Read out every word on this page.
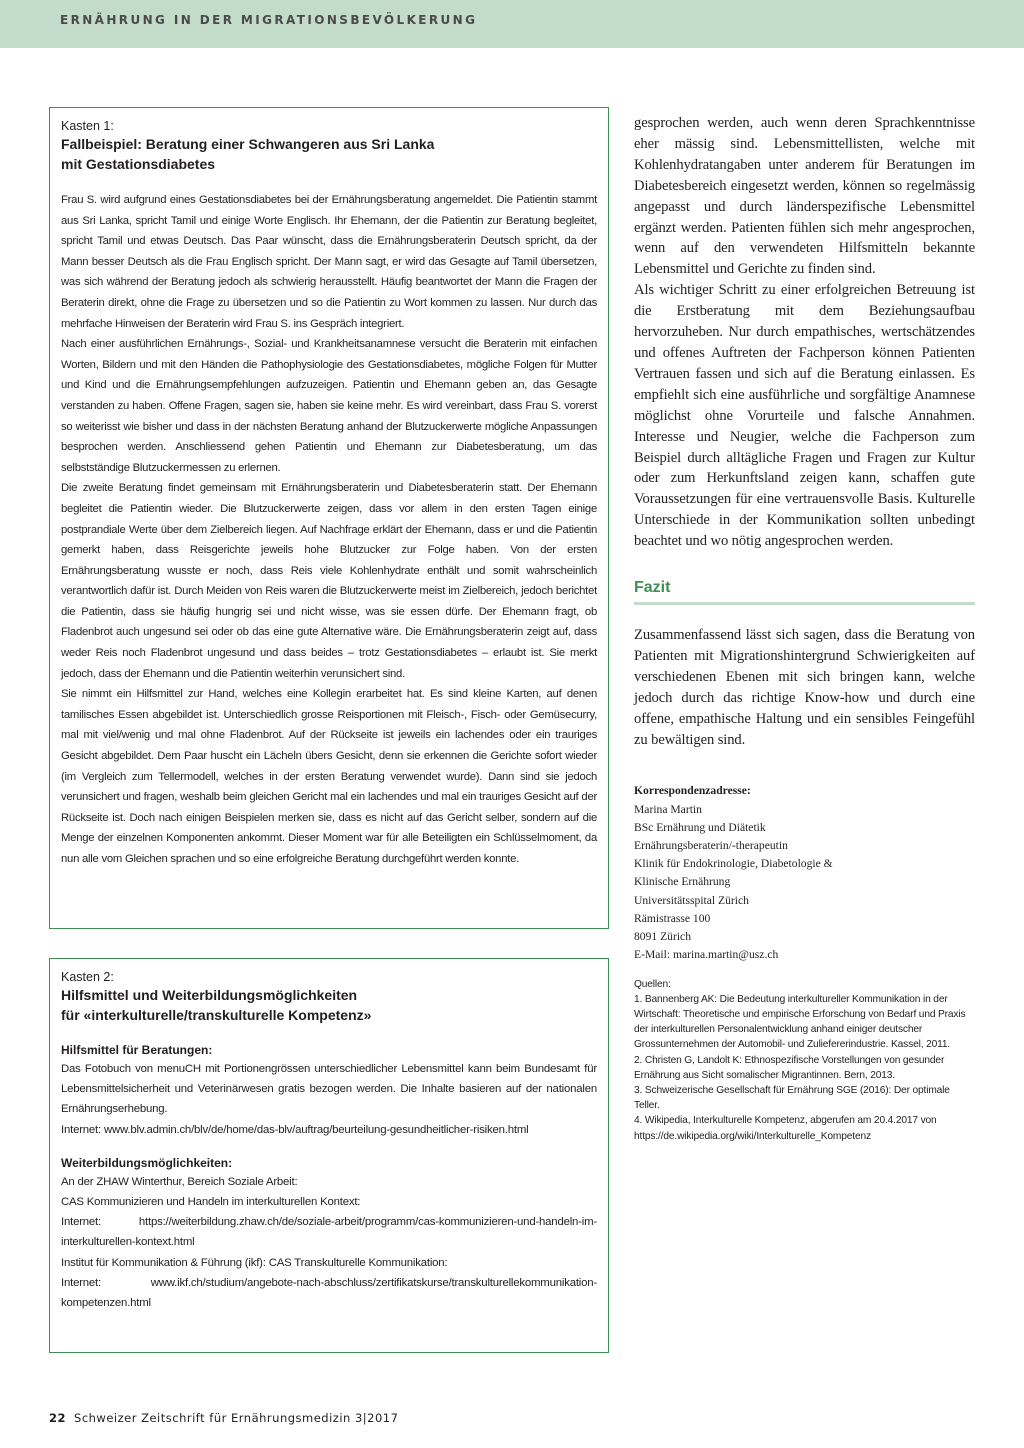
ERNÄHRUNG IN DER MIGRATIONSBEVÖLKERUNG
Kasten 1:
Fallbeispiel: Beratung einer Schwangeren aus Sri Lanka
mit Gestationsdiabetes

Frau S. wird aufgrund eines Gestationsdiabetes bei der Ernährungsberatung angemeldet. Die Patientin stammt aus Sri Lanka, spricht Tamil und einige Worte Englisch. Ihr Ehemann, der die Patientin zur Beratung begleitet, spricht Tamil und etwas Deutsch. Das Paar wünscht, dass die Ernährungsberaterin Deutsch spricht, da der Mann besser Deutsch als die Frau Englisch spricht. Der Mann sagt, er wird das Gesagte auf Tamil übersetzen, was sich während der Beratung jedoch als schwierig herausstellt. Häufig beantwortet der Mann die Fragen der Beraterin direkt, ohne die Frage zu übersetzen und so die Patientin zu Wort kommen zu lassen. Nur durch das mehrfache Hinweisen der Beraterin wird Frau S. ins Gespräch integriert.

Nach einer ausführlichen Ernährungs-, Sozial- und Krankheitsanamnese versucht die Beraterin mit einfachen Worten, Bildern und mit den Händen die Pathophysiologie des Gestationsdiabetes, mögliche Folgen für Mutter und Kind und die Ernährungsempfehlungen aufzuzeigen. Patientin und Ehemann geben an, das Gesagte verstanden zu haben. Offene Fragen, sagen sie, haben sie keine mehr. Es wird vereinbart, dass Frau S. vorerst so weiterisst wie bisher und dass in der nächsten Beratung anhand der Blutzuckerwerte mögliche Anpassungen besprochen werden. Anschliessend gehen Patientin und Ehemann zur Diabetesberatung, um das selbstständige Blutzuckermessen zu erlernen.

Die zweite Beratung findet gemeinsam mit Ernährungsberaterin und Diabetesberaterin statt. Der Ehemann begleitet die Patientin wieder. Die Blutzuckerwerte zeigen, dass vor allem in den ersten Tagen einige postprandiale Werte über dem Zielbereich liegen. Auf Nachfrage erklärt der Ehemann, dass er und die Patientin gemerkt haben, dass Reisgerichte jeweils hohe Blutzucker zur Folge haben. Von der ersten Ernährungsberatung wusste er noch, dass Reis viele Kohlenhydrate enthält und somit wahrscheinlich verantwortlich dafür ist. Durch Meiden von Reis waren die Blutzuckerwerte meist im Zielbereich, jedoch berichtet die Patientin, dass sie häufig hungrig sei und nicht wisse, was sie essen dürfe. Der Ehemann fragt, ob Fladenbrot auch ungesund sei oder ob das eine gute Alternative wäre. Die Ernährungsberaterin zeigt auf, dass weder Reis noch Fladenbrot ungesund und dass beides – trotz Gestationsdiabetes – erlaubt ist. Sie merkt jedoch, dass der Ehemann und die Patientin weiterhin verunsichert sind.

Sie nimmt ein Hilfsmittel zur Hand, welches eine Kollegin erarbeitet hat. Es sind kleine Karten, auf denen tamilisches Essen abgebildet ist. Unterschiedlich grosse Reisportionen mit Fleisch-, Fisch- oder Gemüsecurry, mal mit viel/wenig und mal ohne Fladenbrot. Auf der Rückseite ist jeweils ein lachendes oder ein trauriges Gesicht abgebildet. Dem Paar huscht ein Lächeln übers Gesicht, denn sie erkennen die Gerichte sofort wieder (im Vergleich zum Tellermodell, welches in der ersten Beratung verwendet wurde). Dann sind sie jedoch verunsichert und fragen, weshalb beim gleichen Gericht mal ein lachendes und mal ein trauriges Gesicht auf der Rückseite ist. Doch nach einigen Beispielen merken sie, dass es nicht auf das Gericht selber, sondern auf die Menge der einzelnen Komponenten ankommt. Dieser Moment war für alle Beteiligten ein Schlüsselmoment, da nun alle vom Gleichen sprachen und so eine erfolgreiche Beratung durchgeführt werden konnte.

Kasten 2:
Hilfsmittel und Weiterbildungsmöglichkeiten
für «interkulturelle/transkulturelle Kompetenz»
Hilfsmittel für Beratungen:

Das Fotobuch von menuCH mit Portionengrössen unterschiedlicher Lebensmittel kann beim Bundesamt für Lebensmittelsicherheit und Veterinärwesen gratis bezogen werden. Die Inhalte basieren auf der nationalen Ernährungserhebung.

Internet: www.blv.admin.ch/blv/de/home/das-blv/auftrag/beurteilung-gesundheitlicher-risiken.html

Weiterbildungsmöglichkeiten:

An der ZHAW Winterthur, Bereich Soziale Arbeit:

CAS Kommunizieren und Handeln im interkulturellen Kontext:

Internet: https://weiterbildung.zhaw.ch/de/soziale-arbeit/programm/cas-kommunizieren-und-handeln-im-interkulturellen-kontext.html

Institut für Kommunikation & Führung (ikf): CAS Transkulturelle Kommunikation:

Internet: www.ikf.ch/studium/angebote-nach-abschluss/zertifikatskurse/transkulturellekommunikation-kompetenzen.html

gesprochen werden, auch wenn deren Sprachkenntnisse eher mässig sind. Lebensmittellisten, welche mit Kohlenhydratangaben unter anderem für Beratungen im Diabetesbereich eingesetzt werden, können so regelmässig angepasst und durch länderspezifische Lebensmittel ergänzt werden. Patienten fühlen sich mehr angesprochen, wenn auf den verwendeten Hilfsmitteln bekannte Lebensmittel und Gerichte zu finden sind.

Als wichtiger Schritt zu einer erfolgreichen Betreuung ist die Erstberatung mit dem Beziehungsaufbau hervorzuheben. Nur durch empathisches, wertschätzendes und offenes Auftreten der Fachperson können Patienten Vertrauen fassen und sich auf die Beratung einlassen. Es empfiehlt sich eine ausführliche und sorgfältige Anamnese möglichst ohne Vorurteile und falsche Annahmen. Interesse und Neugier, welche die Fachperson zum Beispiel durch alltägliche Fragen und Fragen zur Kultur oder zum Herkunftsland zeigen kann, schaffen gute Voraussetzungen für eine vertrauensvolle Basis. Kulturelle Unterschiede in der Kommunikation sollten unbedingt beachtet und wo nötig angesprochen werden.

Fazit

Zusammenfassend lässt sich sagen, dass die Beratung von Patienten mit Migrationshintergrund Schwierigkeiten auf verschiedenen Ebenen mit sich bringen kann, welche jedoch durch das richtige Know-how und durch eine offene, empathische Haltung und ein sensibles Feingefühl zu bewältigen sind.

Korrespondenzadresse:
Marina Martin
BSc Ernährung und Diätetik
Ernährungsberaterin/-therapeutin
Klinik für Endokrinologie, Diabetologie &
Klinische Ernährung
Universitätsspital Zürich
Rämistrasse 100
8091 Zürich
E-Mail: marina.martin@usz.ch

Quellen:

1. Bannenberg AK: Die Bedeutung interkultureller Kommunikation in der Wirtschaft: Theoretische und empirische Erforschung von Bedarf und Praxis der interkulturellen Personalentwicklung anhand einiger deutscher Grossunternehmen der Automobil- und Zuliefererindustrie. Kassel, 2011.

2. Christen G, Landolt K: Ethnospezifische Vorstellungen von gesunder Ernährung aus Sicht somalischer Migrantinnen. Bern, 2013.

3. Schweizerische Gesellschaft für Ernährung SGE (2016): Der optimale Teller.

4. Wikipedia, Interkulturelle Kompetenz, abgerufen am 20.4.2017 von https://de.wikipedia.org/wiki/Interkulturelle_Kompetenz

22 Schweizer Zeitschrift für Ernährungsmedizin 3|2017
